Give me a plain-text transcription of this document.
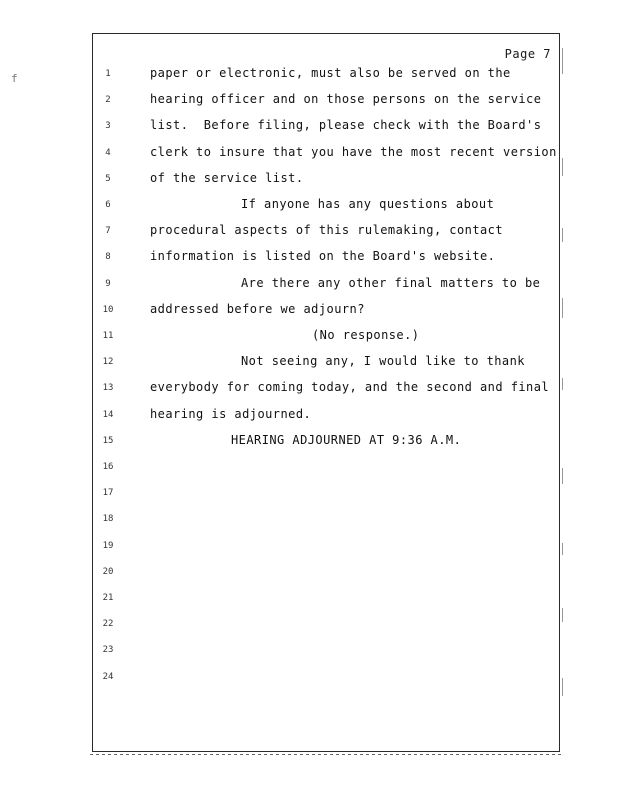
Page 7
f	1	paper or electronic, must also be served on the
2	hearing officer and on those persons on the service
3	list.  Before filing, please check with the Board's
4	clerk to insure that you have the most recent version
5	of the service list.
6	If anyone has any questions about
7	procedural aspects of this rulemaking, contact
8	information is listed on the Board's website.
9	Are there any other final matters to be
10	addressed before we adjourn?
11	(No response.)
12	Not seeing any, I would like to thank
13	everybody for coming today, and the second and final
14	hearing is adjourned.
15	HEARING ADJOURNED AT 9:36 A.M.
16
17
18
19
20
21
22
23
24
